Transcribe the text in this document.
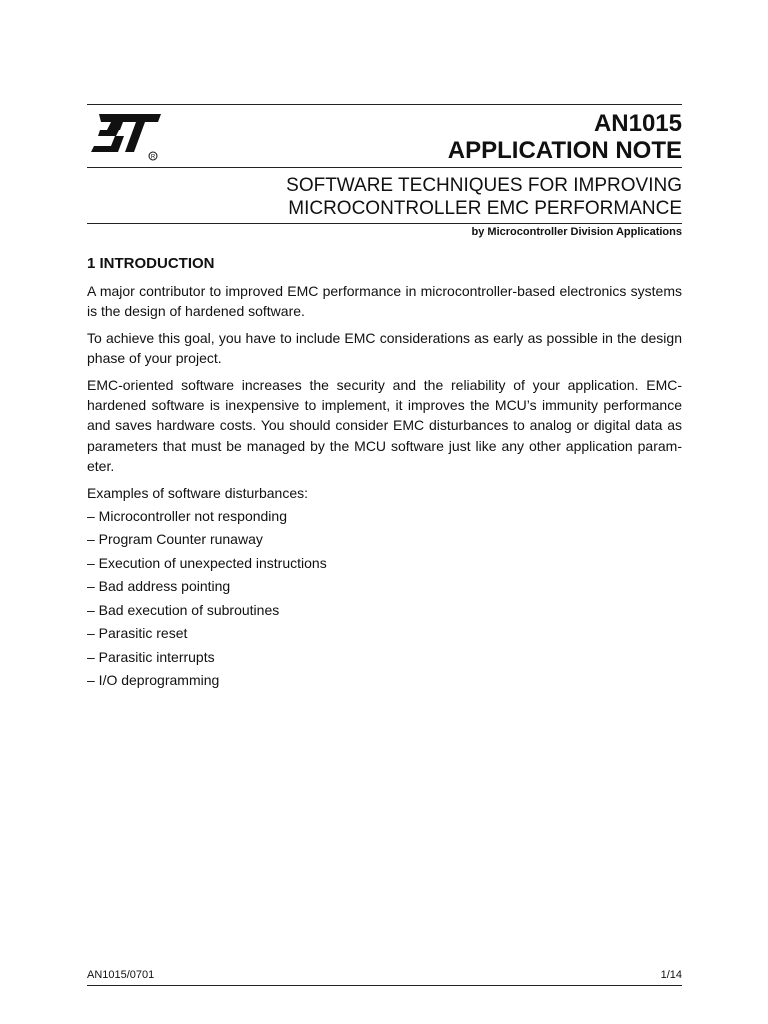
R
AN1015
APPLICATION NOTE
SOFTWARE TECHNIQUES FOR IMPROVING
MICROCONTROLLER EMC PERFORMANCE
by Microcontroller Division Applications
1 INTRODUCTION

A major contributor to improved EMC performance in microcontroller-based electronics systems is the design of hardened software.

To achieve this goal, you have to include EMC considerations as early as possible in the design phase of your project.

EMC-oriented software increases the security and the reliability of your application. EMC-hardened software is inexpensive to implement, it improves the MCU’s immunity performance and saves hardware costs. You should consider EMC disturbances to analog or digital data as parameters that must be managed by the MCU software just like any other application parameter.

Examples of software disturbances:

– Microcontroller not responding
– Program Counter runaway
– Execution of unexpected instructions
– Bad address pointing
– Bad execution of subroutines
– Parasitic reset
– Parasitic interrupts
– I/O deprogramming
AN1015/0701	1/14
